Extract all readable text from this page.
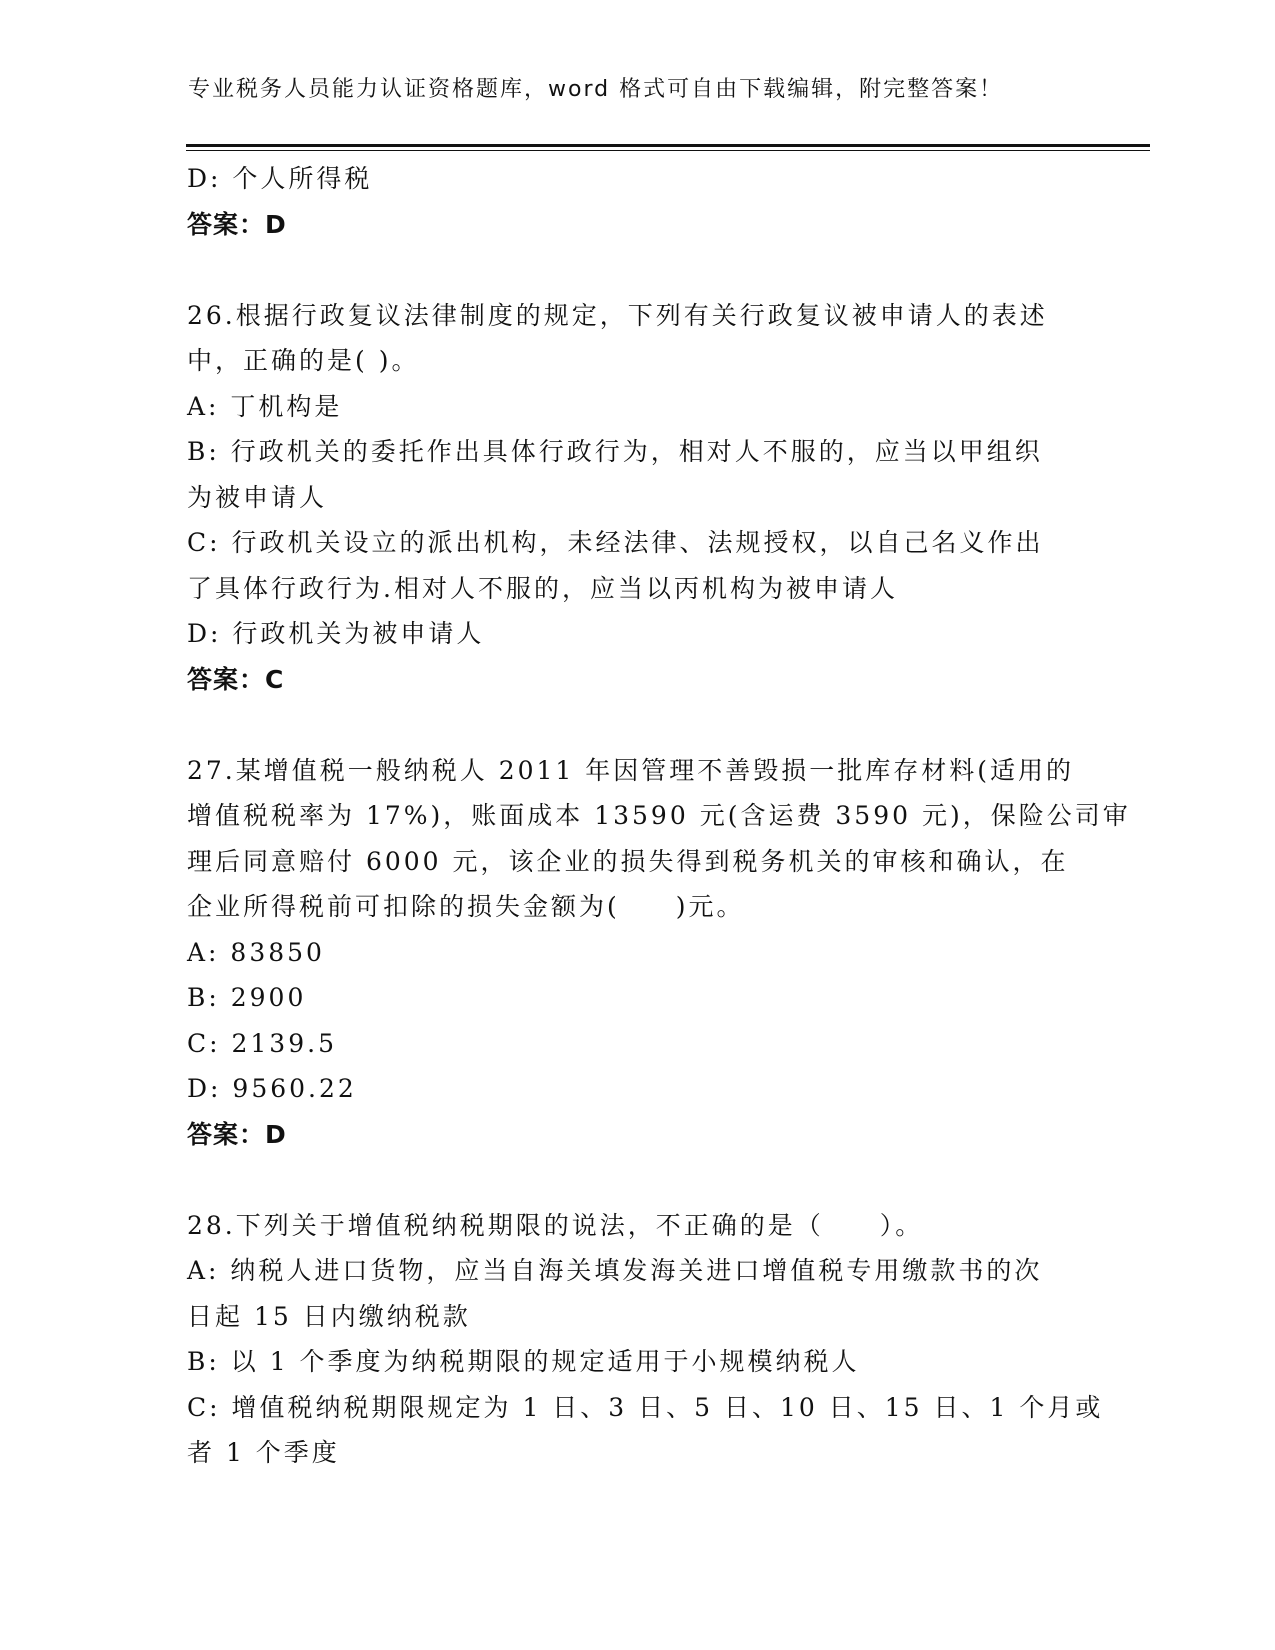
专业税务人员能力认证资格题库，word 格式可自由下载编辑，附完整答案！
D: 个人所得税
答案：D
26.根据行政复议法律制度的规定，下列有关行政复议被申请人的表述
中，正确的是( )。
A: 丁机构是
B: 行政机关的委托作出具体行政行为，相对人不服的，应当以甲组织
为被申请人
C: 行政机关设立的派出机构，未经法律、法规授权，以自己名义作出
了具体行政行为.相对人不服的，应当以丙机构为被申请人
D: 行政机关为被申请人
答案：C
27.某增值税一般纳税人 2011 年因管理不善毁损一批库存材料(适用的
增值税税率为 17%)，账面成本 13590 元(含运费 3590 元)，保险公司审
理后同意赔付 6000 元，该企业的损失得到税务机关的审核和确认，在
企业所得税前可扣除的损失金额为(　　)元。
A: 83850
B: 2900
C: 2139.5
D: 9560.22
答案：D
28.下列关于增值税纳税期限的说法，不正确的是（　　）。
A: 纳税人进口货物，应当自海关填发海关进口增值税专用缴款书的次
日起 15 日内缴纳税款
B: 以 1 个季度为纳税期限的规定适用于小规模纳税人
C: 增值税纳税期限规定为 1 日、3 日、5 日、10 日、15 日、1 个月或
者 1 个季度
